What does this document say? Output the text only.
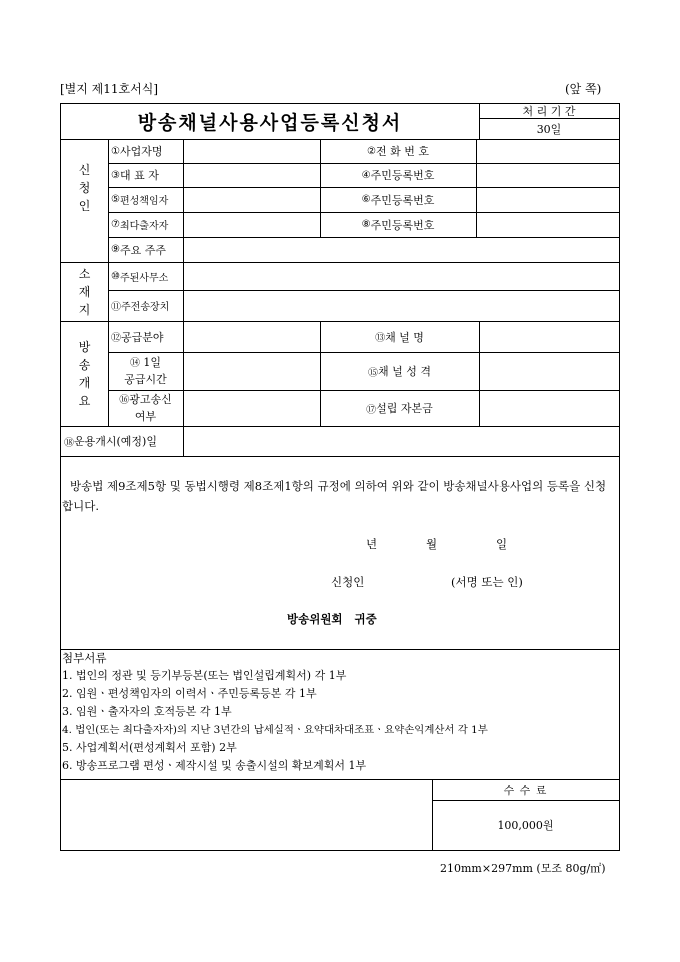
[별지 제11호서식]	(앞 쪽)
방송채널사용사업등록신청서
처 리 기 간
30일
신
청
인
① 사업자명	② 전 화 번 호
③ 대 표 자	④ 주민등록번호
⑤ 편성책임자	⑥ 주민등록번호
⑦ 최다출자자	⑧ 주민등록번호
⑨ 주요 주주
소
재
지
⑩ 주된사무소
⑪ 주전송장치
방
송
개
요
⑫ 공급분야	⑬ 채 널 명
⑭ 1일
공급시간	⑮ 채 널 성 격
⑯광고송신
여부	⑰ 설립 자본금
⑱ 운용개시(예정)일
방송법 제9조제5항 및 동법시행령 제8조제1항의 규정에 의하여 위와 같이 방송채널사용사업의 등록을 신청합니다.
년	월	일
신청인	(서명 또는 인)
방송위원회   귀중
첨부서류
1. 법인의 정관 및 등기부등본(또는 법인설립계획서) 각 1부
2. 임원ㆍ편성책임자의 이력서ㆍ주민등록등본 각 1부
3. 임원ㆍ출자자의 호적등본 각 1부
4. 법인(또는 최다출자자)의 지난 3년간의 납세실적ㆍ요약대차대조표ㆍ요약손익계산서 각 1부
5. 사업계획서(편성계획서 포함) 2부
6. 방송프로그램 편성ㆍ제작시설 및 송출시설의 확보계획서 1부
수 수 료
100,000원
210mm×297mm (모조 80g/㎡)
